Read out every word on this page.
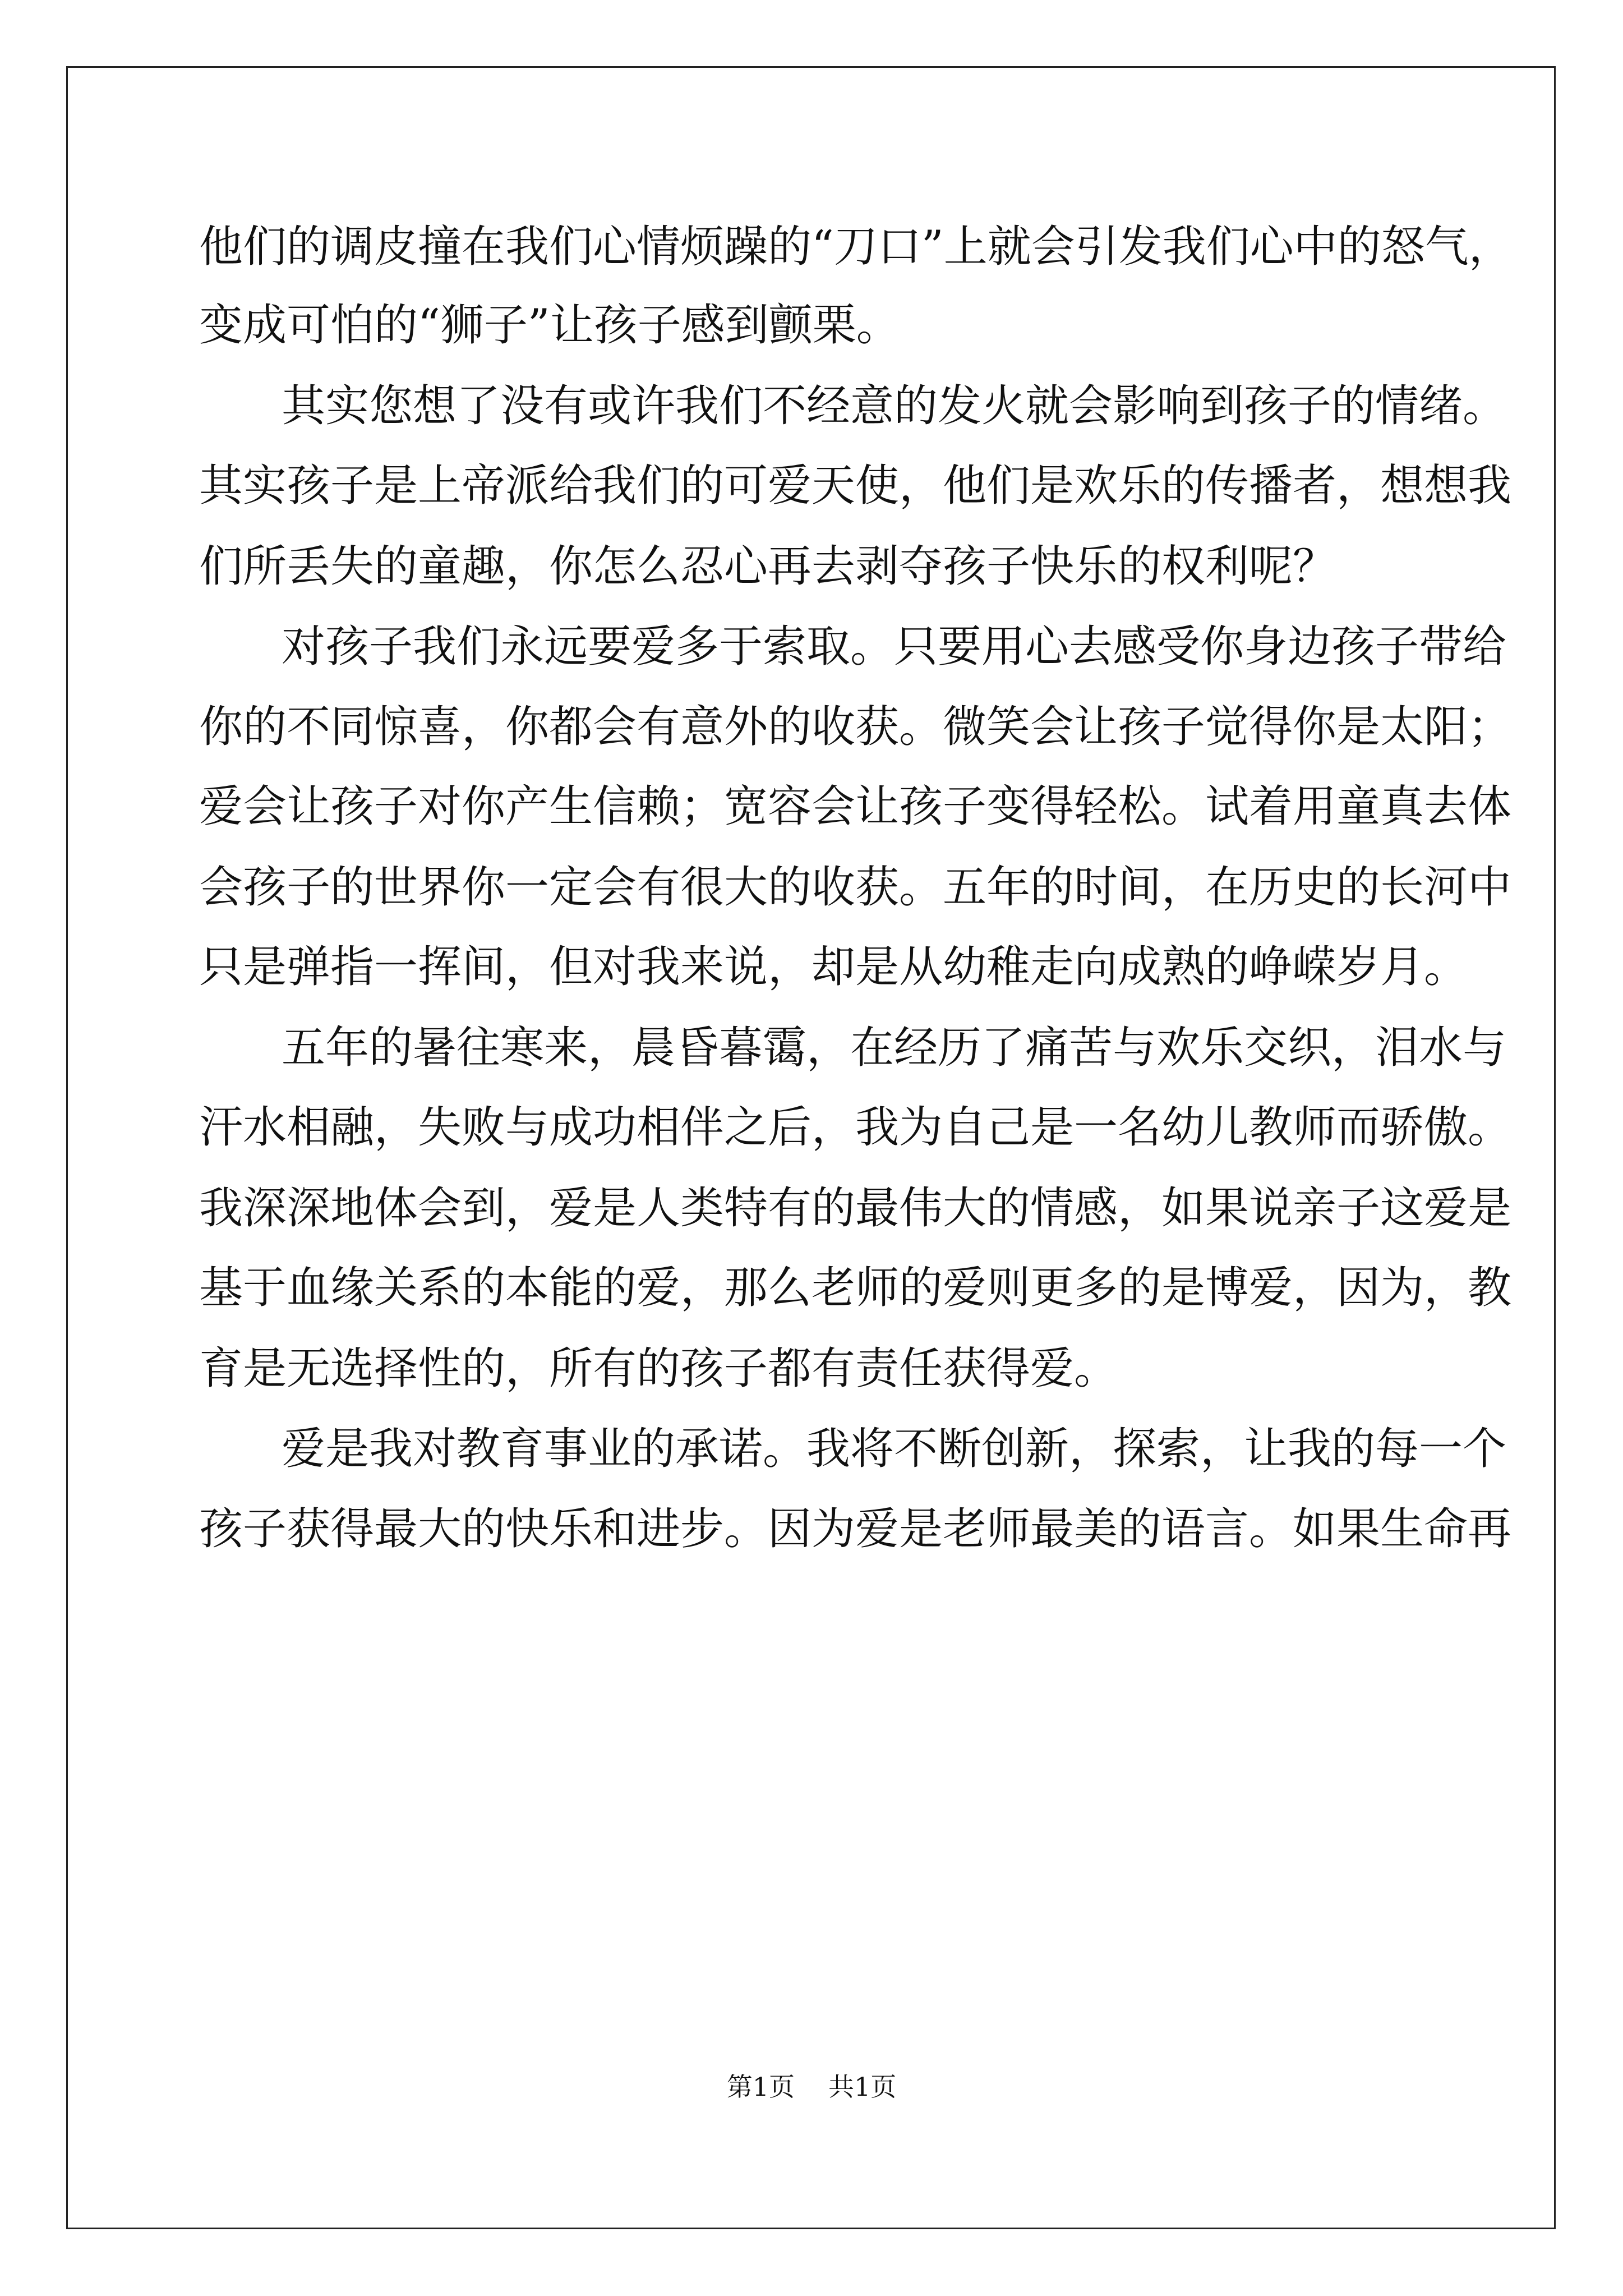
他们的调皮撞在我们心情烦躁的“刀口”上就会引发我们心中的怒气，

变成可怕的“狮子”让孩子感到颤栗。

其实您想了没有或许我们不经意的发火就会影响到孩子的情绪。

其实孩子是上帝派给我们的可爱天使，他们是欢乐的传播者，想想我

们所丢失的童趣，你怎么忍心再去剥夺孩子快乐的权利呢？

对孩子我们永远要爱多于索取。只要用心去感受你身边孩子带给

你的不同惊喜，你都会有意外的收获。微笑会让孩子觉得你是太阳；

爱会让孩子对你产生信赖；宽容会让孩子变得轻松。试着用童真去体

会孩子的世界你一定会有很大的收获。五年的时间，在历史的长河中

只是弹指一挥间，但对我来说，却是从幼稚走向成熟的峥嵘岁月。

五年的暑往寒来，晨昏暮霭，在经历了痛苦与欢乐交织，泪水与

汗水相融，失败与成功相伴之后，我为自己是一名幼儿教师而骄傲。

我深深地体会到，爱是人类特有的最伟大的情感，如果说亲子这爱是

基于血缘关系的本能的爱，那么老师的爱则更多的是博爱，因为，教

育是无选择性的，所有的孩子都有责任获得爱。

爱是我对教育事业的承诺。我将不断创新，探索，让我的每一个

孩子获得最大的快乐和进步。因为爱是老师最美的语言。如果生命再

第1页 共1页
